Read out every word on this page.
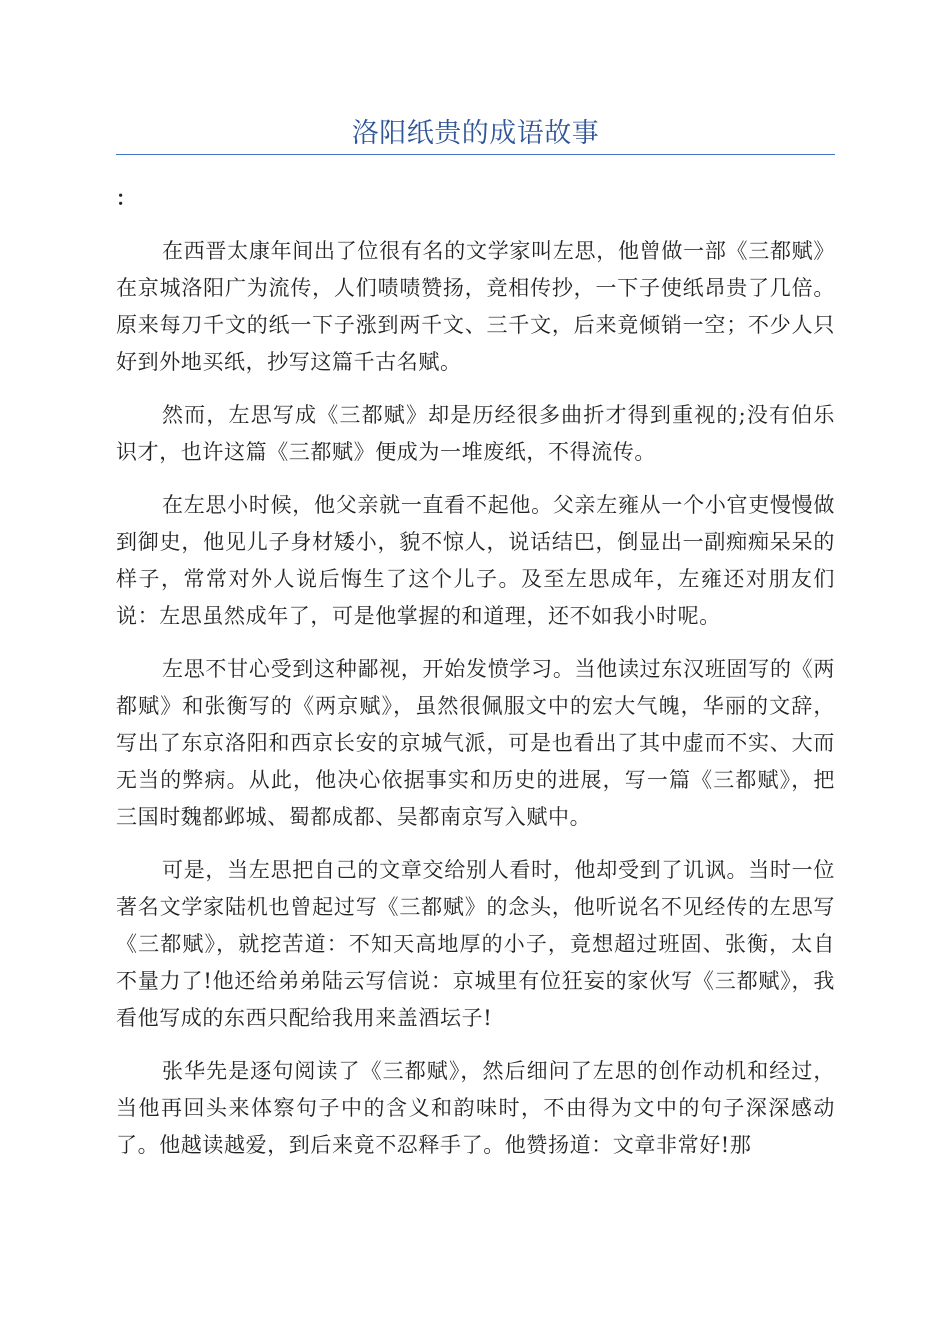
洛阳纸贵的成语故事
：

在西晋太康年间出了位很有名的文学家叫左思，他曾做一部《三都赋》在京城洛阳广为流传，人们啧啧赞扬，竞相传抄，一下子使纸昂贵了几倍。原来每刀千文的纸一下子涨到两千文、三千文，后来竟倾销一空；不少人只好到外地买纸，抄写这篇千古名赋。

然而，左思写成《三都赋》却是历经很多曲折才得到重视的;没有伯乐识才，也许这篇《三都赋》便成为一堆废纸，不得流传。

在左思小时候，他父亲就一直看不起他。父亲左雍从一个小官吏慢慢做到御史，他见儿子身材矮小，貌不惊人，说话结巴，倒显出一副痴痴呆呆的样子，常常对外人说后悔生了这个儿子。及至左思成年，左雍还对朋友们说：左思虽然成年了，可是他掌握的和道理，还不如我小时呢。

左思不甘心受到这种鄙视，开始发愤学习。当他读过东汉班固写的《两都赋》和张衡写的《两京赋》，虽然很佩服文中的宏大气魄，华丽的文辞，写出了东京洛阳和西京长安的京城气派，可是也看出了其中虚而不实、大而无当的弊病。从此，他决心依据事实和历史的进展，写一篇《三都赋》，把三国时魏都邺城、蜀都成都、吴都南京写入赋中。

可是，当左思把自己的文章交给别人看时，他却受到了讥讽。当时一位著名文学家陆机也曾起过写《三都赋》的念头，他听说名不见经传的左思写《三都赋》，就挖苦道：不知天高地厚的小子，竟想超过班固、张衡，太自不量力了!他还给弟弟陆云写信说：京城里有位狂妄的家伙写《三都赋》，我看他写成的东西只配给我用来盖酒坛子!

张华先是逐句阅读了《三都赋》，然后细问了左思的创作动机和经过，当他再回头来体察句子中的含义和韵味时，不由得为文中的句子深深感动了。他越读越爱，到后来竟不忍释手了。他赞扬道：文章非常好!那
